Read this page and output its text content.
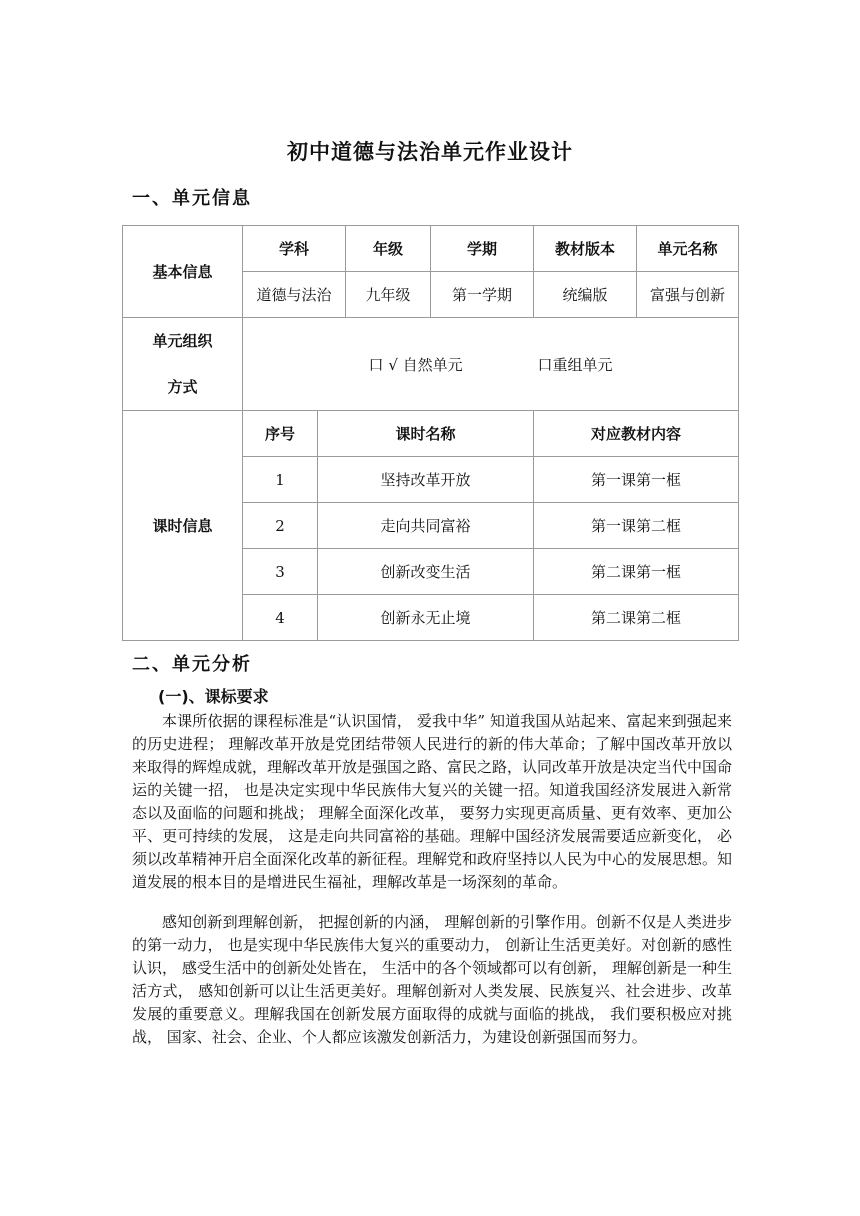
初中道德与法治单元作业设计
一、单元信息
基本信息	学科		年级	学期	教材版本	单元名称
	道德与法治		九年级	第一学期	统编版	富强与创新

单元组织
方式	口 √ 自然单元 口重组单元					
课时信息	序号	课时名称			对应教材内容	
	1	坚持改革开放			第一课第一框	
	2	走向共同富裕			第一课第二框	
	3	创新改变生活			第二课第一框	
	4	创新永无止境			第二课第二框	
二、单元分析
(一)、课标要求

本课所依据的课程标准是“认识国情， 爱我中华” 知道我国从站起来、富起来到强起来的历史进程； 理解改革开放是党团结带领人民进行的新的伟大革命；了解中国改革开放以来取得的辉煌成就，理解改革开放是强国之路、富民之路，认同改革开放是决定当代中国命运的关键一招， 也是决定实现中华民族伟大复兴的关键一招。知道我国经济发展进入新常态以及面临的问题和挑战； 理解全面深化改革， 要努力实现更高质量、更有效率、更加公平、更可持续的发展， 这是走向共同富裕的基础。理解中国经济发展需要适应新变化， 必须以改革精神开启全面深化改革的新征程。理解党和政府坚持以人民为中心的发展思想。知道发展的根本目的是增进民生福祉，理解改革是一场深刻的革命。

感知创新到理解创新， 把握创新的内涵， 理解创新的引擎作用。创新不仅是人类进步的第一动力， 也是实现中华民族伟大复兴的重要动力， 创新让生活更美好。对创新的感性认识， 感受生活中的创新处处皆在， 生活中的各个领域都可以有创新， 理解创新是一种生活方式， 感知创新可以让生活更美好。理解创新对人类发展、民族复兴、社会进步、改革发展的重要意义。理解我国在创新发展方面取得的成就与面临的挑战， 我们要积极应对挑战， 国家、社会、企业、个人都应该激发创新活力，为建设创新强国而努力。
